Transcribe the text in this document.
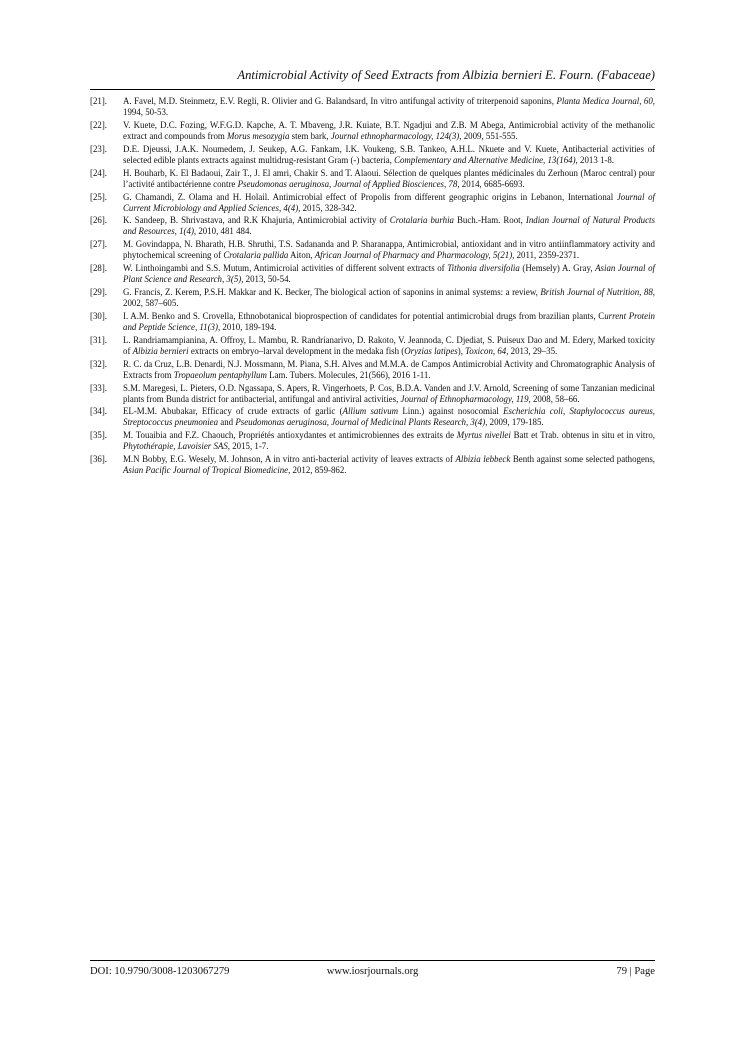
Antimicrobial Activity of Seed Extracts from Albizia bernieri E. Fourn. (Fabaceae)
[21].	A. Favel, M.D. Steinmetz, E.V. Regli, R. Olivier and G. Balandsard, In vitro antifungal activity of triterpenoid saponins, Planta Medica Journal, 60, 1994, 50-53.
[22].	V. Kuete, D.C. Fozing, W.F.G.D. Kapche, A. T. Mbaveng, J.R. Kuiate, B.T. Ngadjui and Z.B. M Abega, Antimicrobial activity of the methanolic extract and compounds from Morus mesozygia stem bark, Journal ethnopharmacology, 124(3), 2009, 551-555.
[23].	D.E. Djeussi, J.A.K. Noumedem, J. Seukep, A.G. Fankam, I.K. Voukeng, S.B. Tankeo, A.H.L. Nkuete and V. Kuete, Antibacterial activities of selected edible plants extracts against multidrug-resistant Gram (-) bacteria, Complementary and Alternative Medicine, 13(164), 2013 1-8.
[24].	H. Bouharb, K. El Badaoui, Zair T., J. El amri, Chakir S. and T. Alaoui. Sélection de quelques plantes médicinales du Zerhoun (Maroc central) pour l’activité antibactérienne contre Pseudomonas aeruginosa, Journal of Applied Biosciences, 78, 2014, 6685-6693.
[25].	G. Chamandi, Z. Olama and H. Holail. Antimicrobial effect of Propolis from different geographic origins in Lebanon, International Journal of Current Microbiology and Applied Sciences, 4(4), 2015, 328-342.
[26].	K. Sandeep, B. Shrivastava, and R.K Khajuria, Antimicrobial activity of Crotalaria burhia Buch.-Ham. Root, Indian Journal of Natural Products and Resources, 1(4), 2010, 481 484.
[27].	M. Govindappa, N. Bharath, H.B. Shruthi, T.S. Sadananda and P. Sharanappa, Antimicrobial, antioxidant and in vitro antiinflammatory activity and phytochemical screening of Crotalaria pallida Aiton, African Journal of Pharmacy and Pharmacology, 5(21), 2011, 2359-2371.
[28].	W. Linthoingambi and S.S. Mutum, Antimicroial activities of different solvent extracts of Tithonia diversifolia (Hemsely) A. Gray, Asian Journal of Plant Science and Research, 3(5), 2013, 50-54.
[29].	G. Francis, Z. Kerem, P.S.H. Makkar and K. Becker, The biological action of saponins in animal systems: a review, British Journal of Nutrition, 88, 2002, 587–605.
[30].	I. A.M. Benko and S. Crovella, Ethnobotanical bioprospection of candidates for potential antimicrobial drugs from brazilian plants, Current Protein and Peptide Science, 11(3), 2010, 189-194.
[31].	L. Randriamampianina, A. Offroy, L. Mambu, R. Randrianarivo, D. Rakoto, V. Jeannoda, C. Djediat, S. Puiseux Dao and M. Edery, Marked toxicity of Albizia bernieri extracts on embryo–larval development in the medaka fish (Oryzias latipes), Toxicon, 64, 2013, 29–35.
[32].	R. C. da Cruz, L.B. Denardi, N.J. Mossmann, M. Piana, S.H. Alves and M.M.A. de Campos Antimicrobial Activity and Chromatographic Analysis of Extracts from Tropaeolum pentaphyllum Lam. Tubers. Molecules, 21(566), 2016 1-11.
[33].	S.M. Maregesi, L. Pieters, O.D. Ngassapa, S. Apers, R. Vingerhoets, P. Cos, B.D.A. Vanden and J.V. Arnold, Screening of some Tanzanian medicinal plants from Bunda district for antibacterial, antifungal and antiviral activities, Journal of Ethnopharmacology, 119, 2008, 58–66.
[34].	EL-M.M. Abubakar, Efficacy of crude extracts of garlic (Allium sativum Linn.) against nosocomial Escherichia coli, Staphylococcus aureus, Streptococcus pneumoniea and Pseudomonas aeruginosa, Journal of Medicinal Plants Research, 3(4), 2009, 179-185.
[35].	M. Touaibia and F.Z. Chaouch, Propriétés antioxydantes et antimicrobiennes des extraits de Myrtus nivellei Batt et Trab. obtenus in situ et in vitro, Phytothérapie, Lavoisier SAS, 2015, 1-7.
[36].	M.N Bobby, E.G. Wesely, M. Johnson, A in vitro anti-bacterial activity of leaves extracts of Albizia lebbeck Benth against some selected pathogens, Asian Pacific Journal of Tropical Biomedicine, 2012, 859-862.
DOI: 10.9790/3008-1203067279	www.iosrjournals.org	79 | Page
